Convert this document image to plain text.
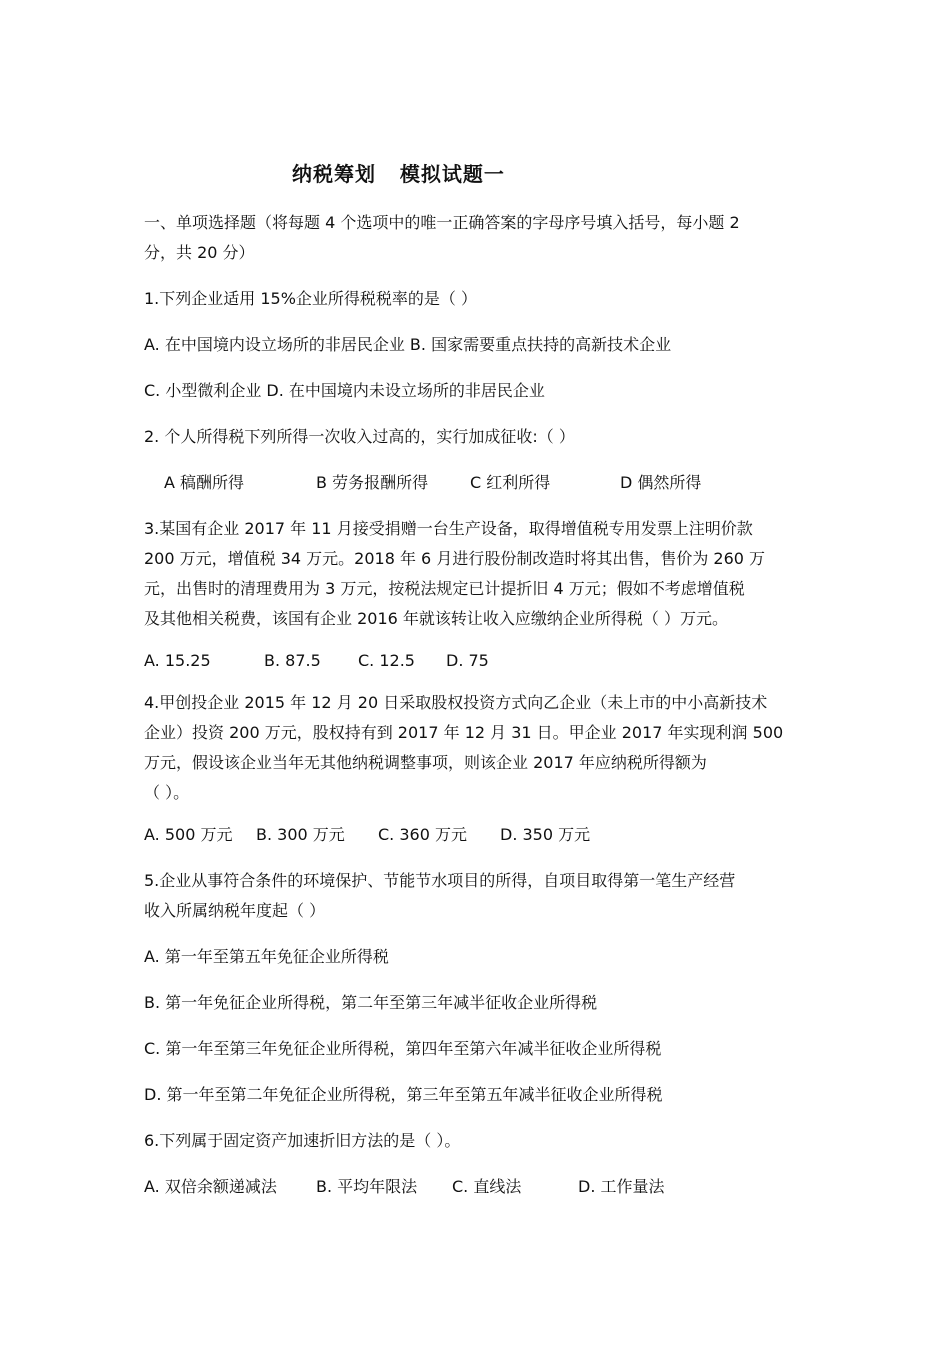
纳税筹划   模拟试题一
一、单项选择题（将每题 4 个选项中的唯一正确答案的字母序号填入括号，每小题 2
分，共 20 分）
1.下列企业适用 15%企业所得税税率的是（ ）
A. 在中国境内设立场所的非居民企业 B. 国家需要重点扶持的高新技术企业
C. 小型微利企业 D. 在中国境内未设立场所的非居民企业
2. 个人所得税下列所得一次收入过高的，实行加成征收:（ ）
A 稿酬所得	B 劳务报酬所得	C 红利所得	D 偶然所得
3.某国有企业 2017 年 11 月接受捐赠一台生产设备，取得增值税专用发票上注明价款
200 万元，增值税 34 万元。2018 年 6 月进行股份制改造时将其出售，售价为 260 万
元，出售时的清理费用为 3 万元，按税法规定已计提折旧 4 万元；假如不考虑增值税
及其他相关税费，该国有企业 2016 年就该转让收入应缴纳企业所得税（ ）万元。
A. 15.25	B. 87.5	C. 12.5	D. 75
4.甲创投企业 2015 年 12 月 20 日采取股权投资方式向乙企业（未上市的中小高新技术
企业）投资 200 万元，股权持有到 2017 年 12 月 31 日。甲企业 2017 年实现利润 500
万元，假设该企业当年无其他纳税调整事项，则该企业 2017 年应纳税所得额为
（ ）。
A. 500 万元	B. 300 万元	C. 360 万元	D. 350 万元
5.企业从事符合条件的环境保护、节能节水项目的所得，自项目取得第一笔生产经营
收入所属纳税年度起（ ）
A. 第一年至第五年免征企业所得税
B. 第一年免征企业所得税，第二年至第三年减半征收企业所得税
C. 第一年至第三年免征企业所得税，第四年至第六年减半征收企业所得税
D. 第一年至第二年免征企业所得税，第三年至第五年减半征收企业所得税
6.下列属于固定资产加速折旧方法的是（ ）。
A. 双倍余额递减法	B. 平均年限法	C. 直线法	D. 工作量法
